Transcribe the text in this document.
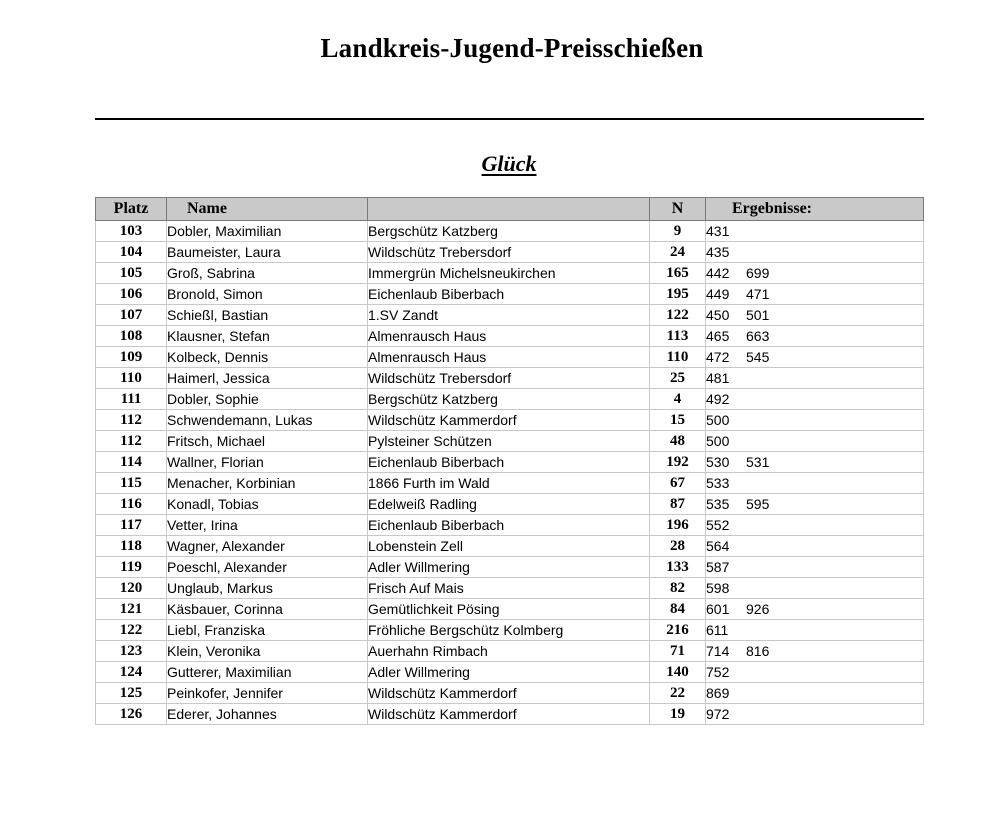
Landkreis-Jugend-Preisschießen
Glück
Platz	Name		N	Ergebnisse:
103	Dobler, Maximilian	Bergschütz Katzberg	9	431
104	Baumeister, Laura	Wildschütz Trebersdorf	24	435
105	Groß, Sabrina	Immergrün Michelsneukirchen	165	442 699
106	Bronold, Simon	Eichenlaub Biberbach	195	449 471
107	Schießl, Bastian	1.SV Zandt	122	450 501
108	Klausner, Stefan	Almenrausch Haus	113	465 663
109	Kolbeck, Dennis	Almenrausch Haus	110	472 545
110	Haimerl, Jessica	Wildschütz Trebersdorf	25	481
111	Dobler, Sophie	Bergschütz Katzberg	4	492
112	Schwendemann, Lukas	Wildschütz Kammerdorf	15	500
112	Fritsch, Michael	Pylsteiner Schützen	48	500
114	Wallner, Florian	Eichenlaub Biberbach	192	530 531
115	Menacher, Korbinian	1866 Furth im Wald	67	533
116	Konadl, Tobias	Edelweiß Radling	87	535 595
117	Vetter, Irina	Eichenlaub Biberbach	196	552
118	Wagner, Alexander	Lobenstein Zell	28	564
119	Poeschl, Alexander	Adler Willmering	133	587
120	Unglaub, Markus	Frisch Auf Mais	82	598
121	Käsbauer, Corinna	Gemütlichkeit Pösing	84	601 926
122	Liebl, Franziska	Fröhliche Bergschütz Kolmberg	216	611
123	Klein, Veronika	Auerhahn Rimbach	71	714 816
124	Gutterer, Maximilian	Adler Willmering	140	752
125	Peinkofer, Jennifer	Wildschütz Kammerdorf	22	869
126	Ederer, Johannes	Wildschütz Kammerdorf	19	972
